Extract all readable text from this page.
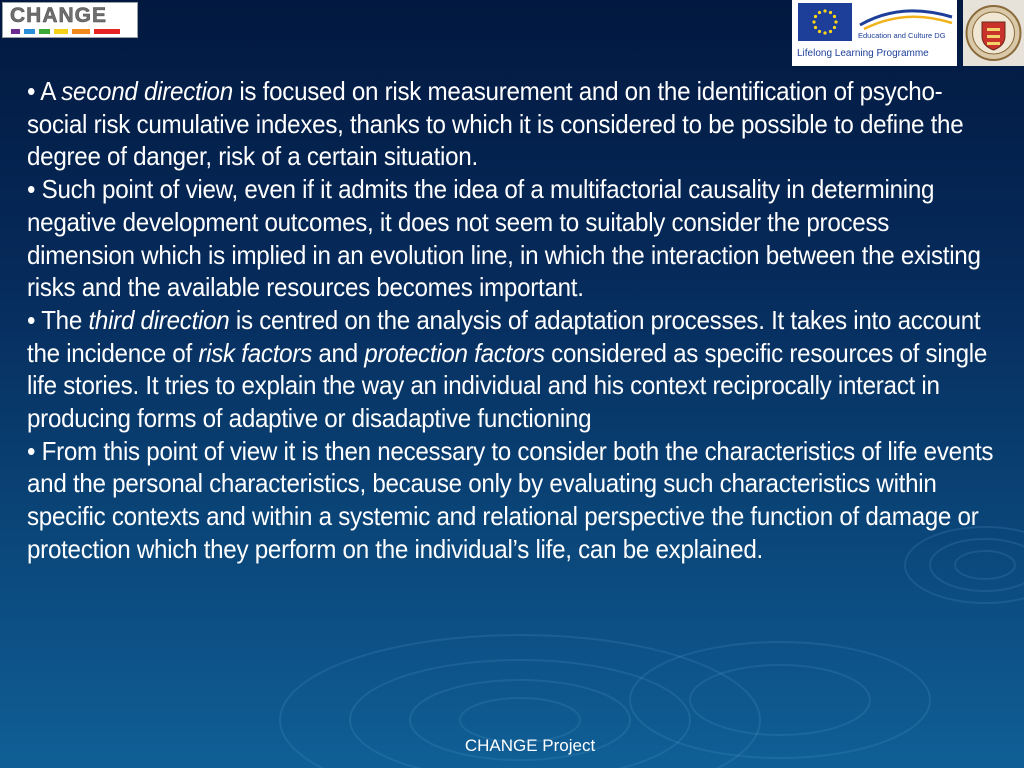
CHANGE
Education and Culture DG
Lifelong Learning Programme

• A second direction is focused on risk measurement and on the identification of psycho-social risk cumulative indexes, thanks to which it is considered to be possible to define the degree of danger, risk of a certain situation.

• Such point of view, even if it admits the idea of a multifactorial causality in determining negative development outcomes, it does not seem to suitably consider the process dimension which is implied in an evolution line, in which the interaction between the existing risks and the available resources becomes important.

• The third direction is centred on the analysis of adaptation processes. It takes into account the incidence of risk factors and protection factors considered as specific resources of single life stories. It tries to explain the way an individual and his context reciprocally interact in producing forms of adaptive or disadaptive functioning

• From this point of view it is then necessary to consider both the characteristics of life events and the personal characteristics, because only by evaluating such characteristics within specific contexts and within a systemic and relational perspective the function of damage or protection which they perform on the individual’s life, can be explained.

CHANGE Project
